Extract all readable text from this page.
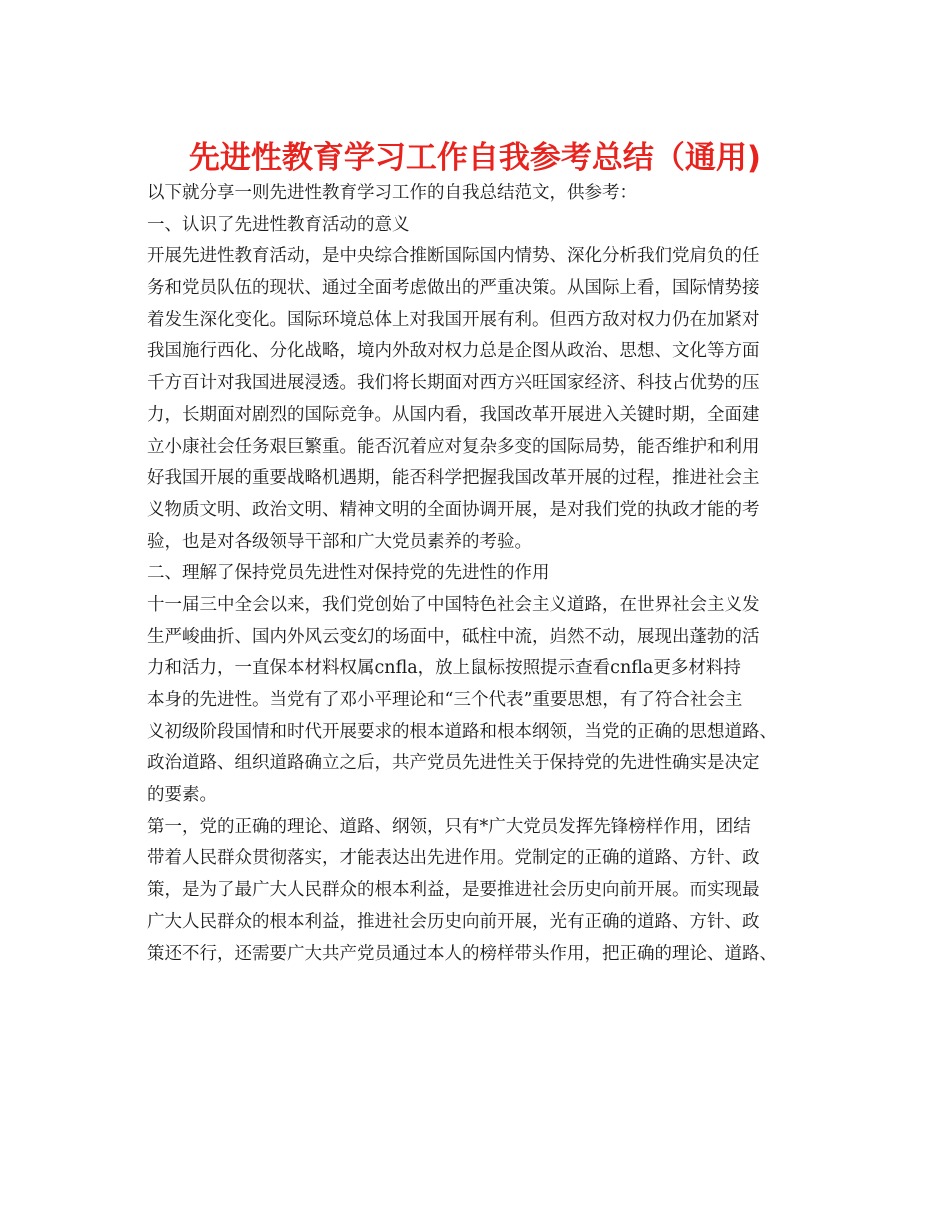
先进性教育学习工作自我参考总结（通用)
以下就分享一则先进性教育学习工作的自我总结范文，供参考：
一、认识了先进性教育活动的意义
开展先进性教育活动，是中央综合推断国际国内情势、深化分析我们党肩负的任
务和党员队伍的现状、通过全面考虑做出的严重决策。从国际上看，国际情势接
着发生深化变化。国际环境总体上对我国开展有利。但西方敌对权力仍在加紧对
我国施行西化、分化战略，境内外敌对权力总是企图从政治、思想、文化等方面
千方百计对我国进展浸透。我们将长期面对西方兴旺国家经济、科技占优势的压
力，长期面对剧烈的国际竞争。从国内看，我国改革开展进入关键时期，全面建
立小康社会任务艰巨繁重。能否沉着应对复杂多变的国际局势，能否维护和利用
好我国开展的重要战略机遇期，能否科学把握我国改革开展的过程，推进社会主
义物质文明、政治文明、精神文明的全面协调开展，是对我们党的执政才能的考
验，也是对各级领导干部和广大党员素养的考验。
二、理解了保持党员先进性对保持党的先进性的作用
十一届三中全会以来，我们党创始了中国特色社会主义道路，在世界社会主义发
生严峻曲折、国内外风云变幻的场面中，砥柱中流，岿然不动，展现出蓬勃的活
力和活力，一直保本材料权属cnfla，放上鼠标按照提示查看cnfla更多材料持
本身的先进性。当党有了邓小平理论和“三个代表”重要思想，有了符合社会主
义初级阶段国情和时代开展要求的根本道路和根本纲领，当党的正确的思想道路、
政治道路、组织道路确立之后，共产党员先进性关于保持党的先进性确实是决定
的要素。
第一，党的正确的理论、道路、纲领，只有*广大党员发挥先锋榜样作用，团结
带着人民群众贯彻落实，才能表达出先进作用。党制定的正确的道路、方针、政
策，是为了最广大人民群众的根本利益，是要推进社会历史向前开展。而实现最
广大人民群众的根本利益，推进社会历史向前开展，光有正确的道路、方针、政
策还不行，还需要广大共产党员通过本人的榜样带头作用，把正确的理论、道路、
